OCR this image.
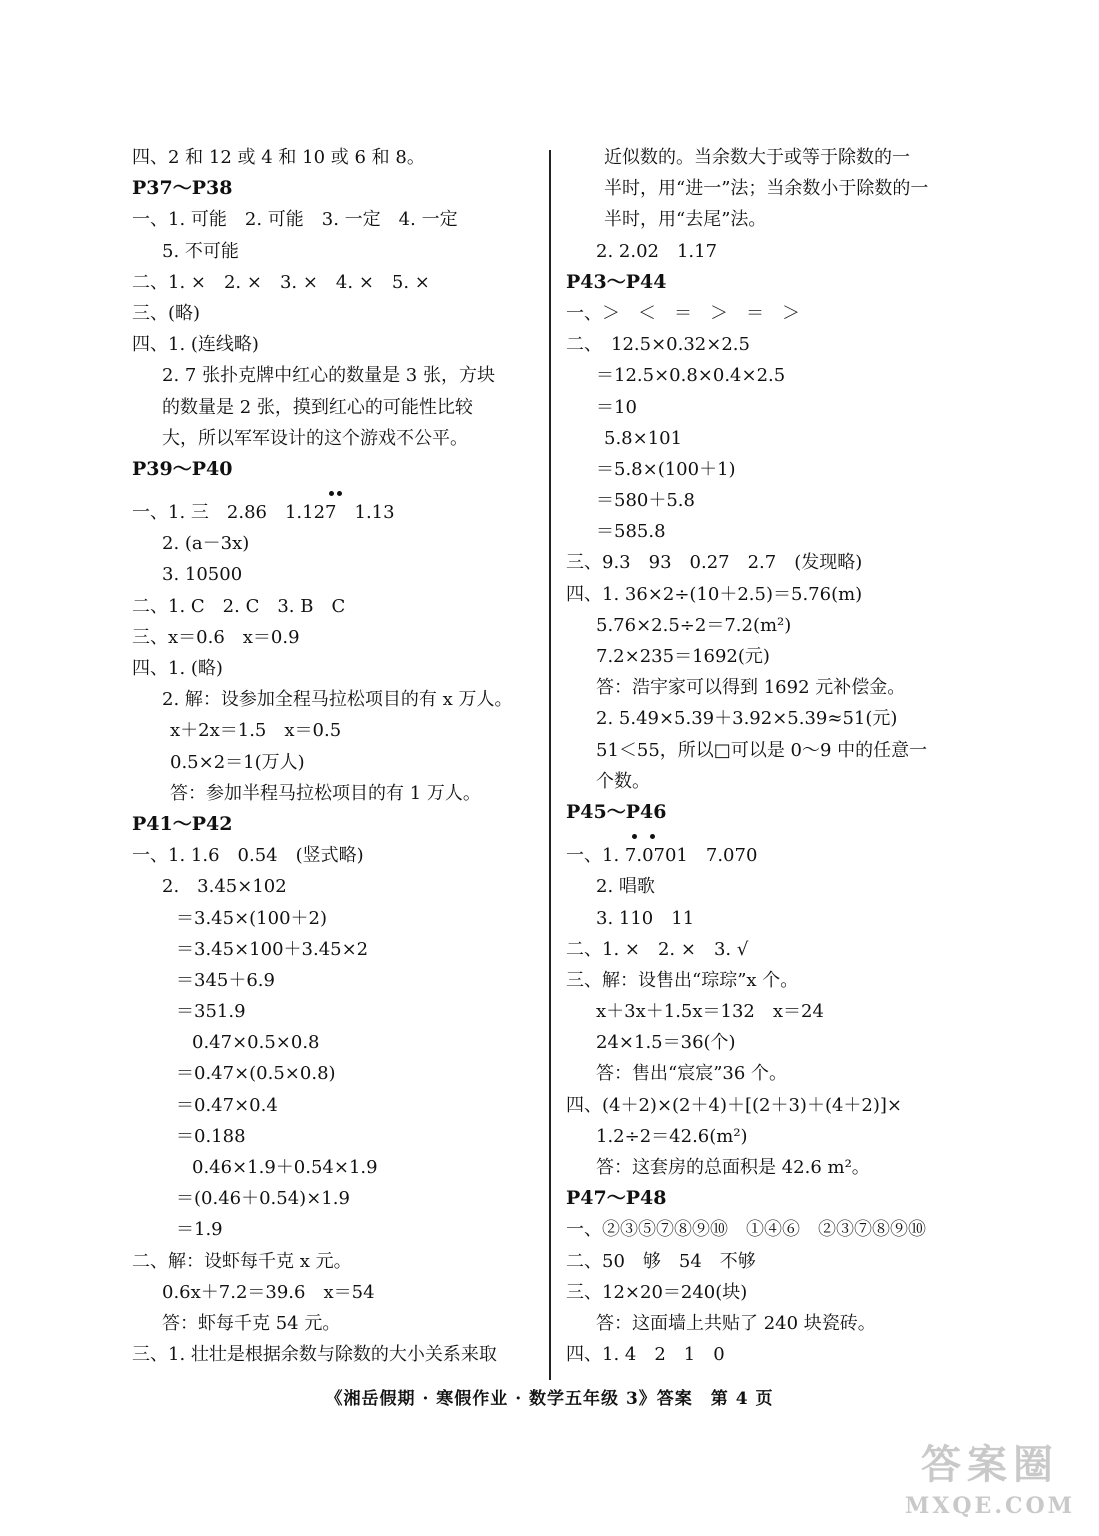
四、2 和 12 或 4 和 10 或 6 和 8。
P37～P38
一、1. 可能　2. 可能　3. 一定　4. 一定
5. 不可能
二、1. ×　2. ×　3. ×　4. ×　5. ×
三、(略)
四、1. (连线略)
2. 7 张扑克牌中红心的数量是 3 张，方块
的数量是 2 张，摸到红心的可能性比较
大，所以军军设计的这个游戏不公平。
P39～P40
一、1. 三　2.86　1.127　1.13
2. (a－3x)
3. 10500
二、1. C　2. C　3. B　C
三、x＝0.6　x＝0.9
四、1. (略)
2. 解：设参加全程马拉松项目的有 x 万人。
x＋2x＝1.5　x＝0.5
0.5×2＝1(万人)
答：参加半程马拉松项目的有 1 万人。
P41～P42
一、1. 1.6　0.54　(竖式略)
2.　3.45×102
＝3.45×(100＋2)
＝3.45×100＋3.45×2
＝345＋6.9
＝351.9
0.47×0.5×0.8
＝0.47×(0.5×0.8)
＝0.47×0.4
＝0.188
0.46×1.9＋0.54×1.9
＝(0.46＋0.54)×1.9
＝1.9
二、解：设虾每千克 x 元。
0.6x＋7.2＝39.6　x＝54
答：虾每千克 54 元。
三、1. 壮壮是根据余数与除数的大小关系来取
近似数的。当余数大于或等于除数的一
半时，用“进一”法；当余数小于除数的一
半时，用“去尾”法。
2. 2.02　1.17
P43～P44
一、＞　＜　＝　＞　＝　＞
二、　12.5×0.32×2.5
＝12.5×0.8×0.4×2.5
＝10
5.8×101
＝5.8×(100＋1)
＝580＋5.8
＝585.8
三、9.3　93　0.27　2.7　(发现略)
四、1. 36×2÷(10＋2.5)＝5.76(m)
5.76×2.5÷2＝7.2(m²)
7.2×235＝1692(元)
答：浩宇家可以得到 1692 元补偿金。
2. 5.49×5.39＋3.92×5.39≈51(元)
51＜55，所以□可以是 0～9 中的任意一
个数。
P45～P46
一、1. 7.0701　7.070
2. 唱歌
3. 110　11
二、1. ×　2. ×　3. √
三、解：设售出“琮琮”x 个。
x＋3x＋1.5x＝132　x＝24
24×1.5＝36(个)
答：售出“宸宸”36 个。
四、(4＋2)×(2＋4)＋[(2＋3)＋(4＋2)]×
1.2÷2＝42.6(m²)
答：这套房的总面积是 42.6 m²。
P47～P48
一、②③⑤⑦⑧⑨⑩　①④⑥　②③⑦⑧⑨⑩
二、50　够　54　不够
三、12×20＝240(块)
答：这面墙上共贴了 240 块瓷砖。
四、1. 4　2　1　0
《湘岳假期 · 寒假作业 · 数学五年级 3》答案　第 4 页
答案圈
MXQE.COM
